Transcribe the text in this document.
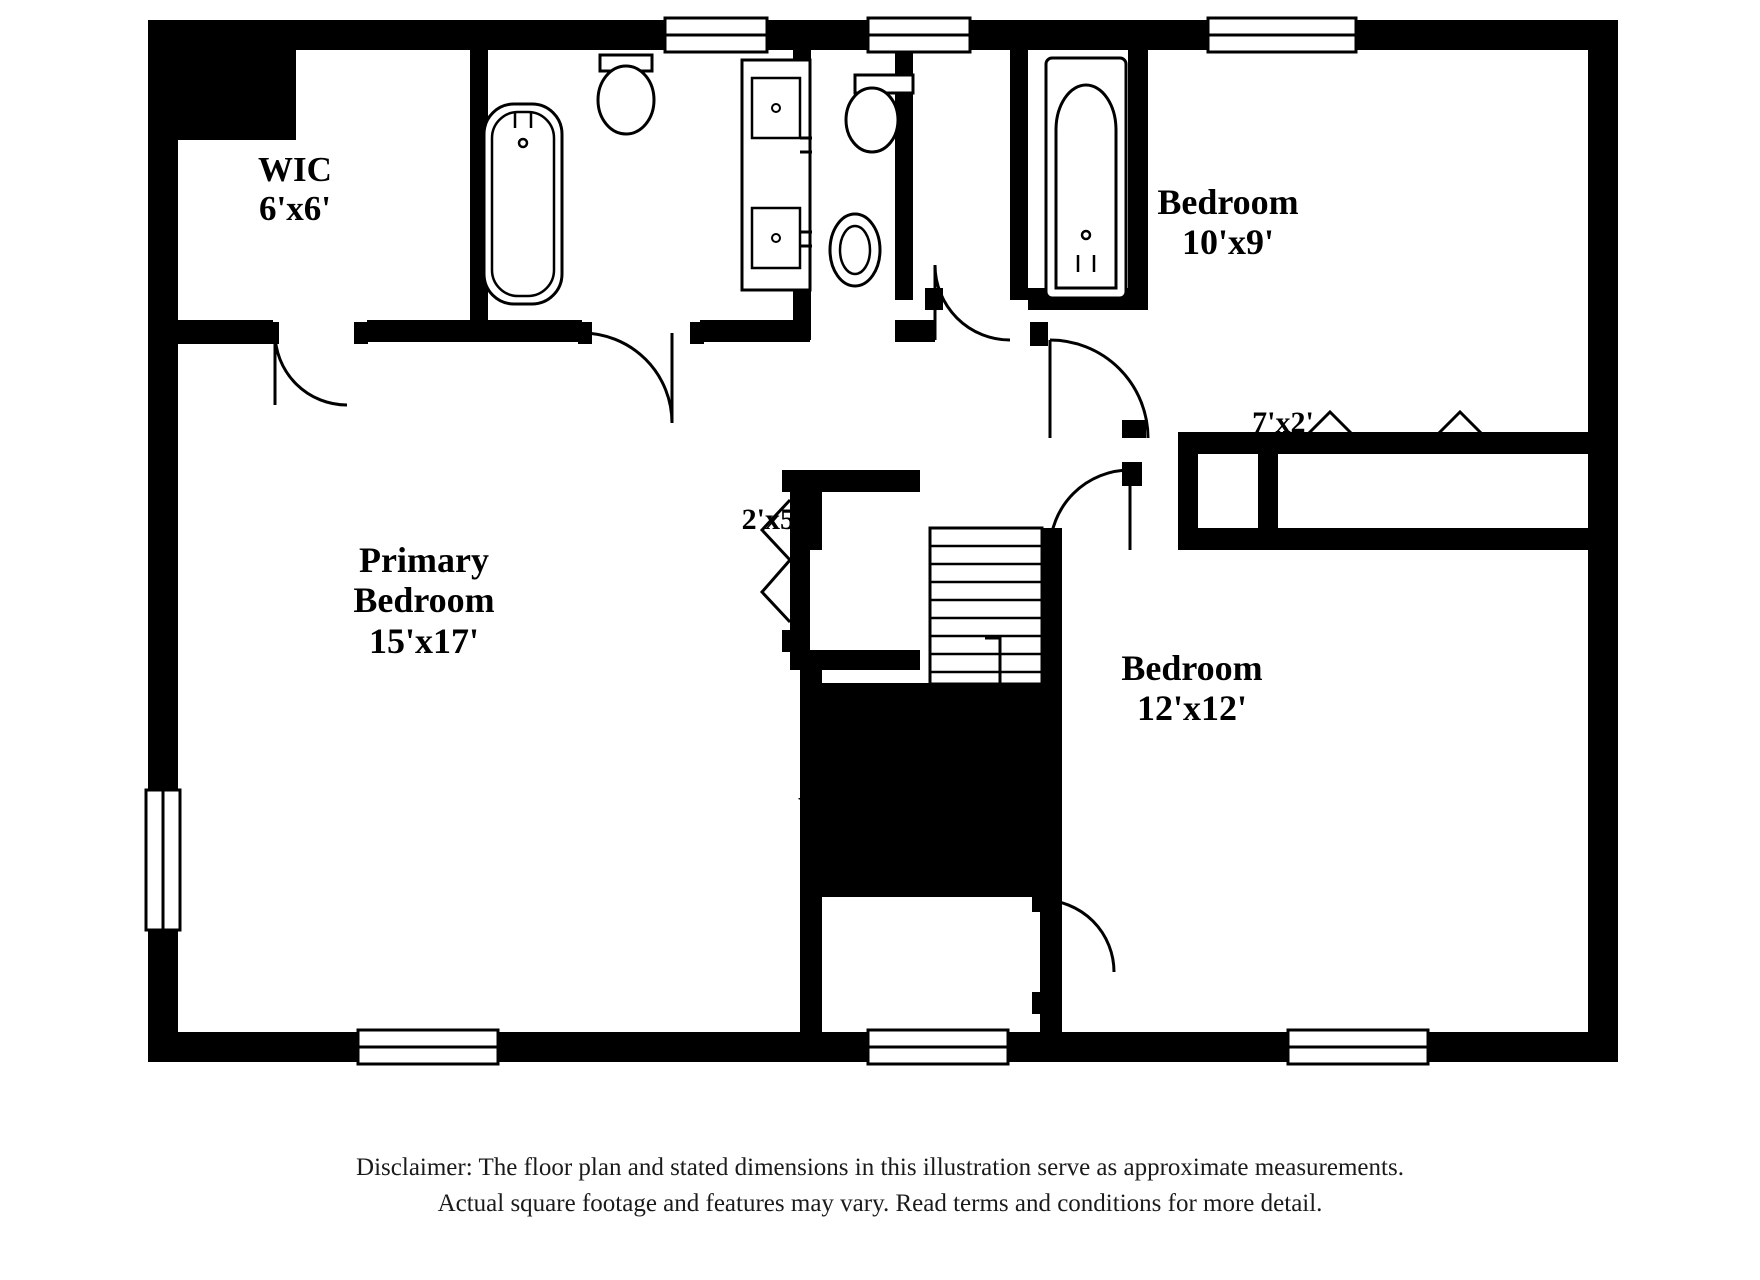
WIC
6'x6'	Bedroom
10'x9'
7'x2'
2'x5'
Primary
Bedroom
15'x17'
Bedroom
12'x12'
WIC
6'x4'
Disclaimer: The floor plan and stated dimensions in this illustration serve as approximate measurements.
Actual square footage and features may vary. Read terms and conditions for more detail.
